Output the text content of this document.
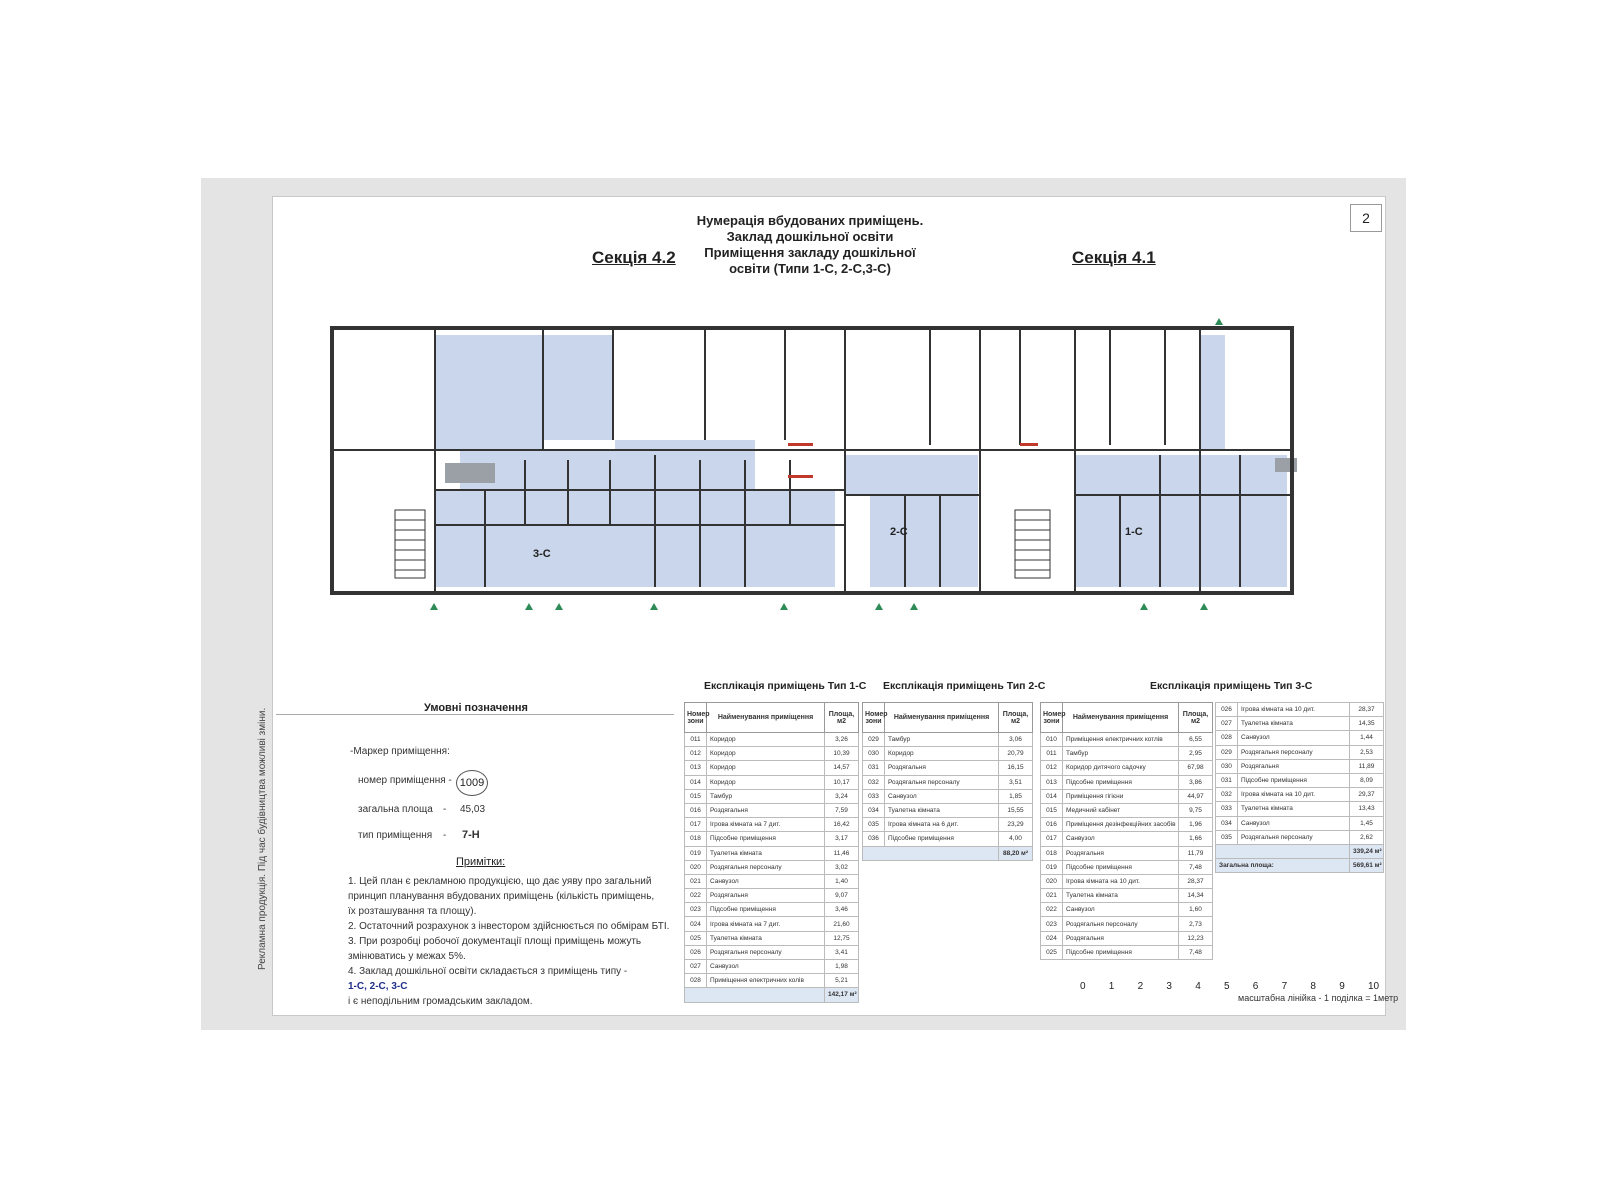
Рекламна продукція. Під час будівництва можливі зміни.
2
Нумерація вбудованих приміщень.
Заклад дошкільної освіти
Приміщення закладу дошкільної
освіти (Типи 1-С, 2-С,3-С)
Секція 4.2	Секція 4.1
3-С
2-С	1-С
Умовні позначення
-Маркер приміщення:
номер приміщення - 1009
загальна площа - 45,03
тип приміщення - 7-Н
Примітки:
1. Цей план є рекламною продукцією, що дає уяву про загальний
принцип планування вбудованих приміщень (кількість приміщень,
їх розташування та площу).
2. Остаточний розрахунок з інвестором здійснюється по обмірам БТІ.
3. При розробці робочої документації площі приміщень можуть
змінюватись у межах 5%.
4. Заклад дошкільної освіти складається з приміщень типу - 1-С, 2-С, 3-С
і є неподільним громадським закладом.
Експлікація приміщень Тип 1-С
Номер зони	Найменування приміщення	Площа, м2
011	Коридор	3,26
012	Коридор	10,39
013	Коридор	14,57
014	Коридор	10,17
015	Тамбур	3,24
016	Роздягальня	7,59
017	Ігрова кімната на 7 дит.	16,42
018	Підсобне приміщення	3,17
019	Туалетна кімната	11,46
020	Роздягальня персоналу	3,02
021	Санвузол	1,40
022	Роздягальня	9,07
023	Підсобне приміщення	3,46
024	Ігрова кімната на 7 дит.	21,60
025	Туалетна кімната	12,75
026	Роздягальня персоналу	3,41
027	Санвузол	1,98
028	Приміщення електричних колів	5,21
		142,17 м²
Експлікація приміщень Тип 2-С
Номер зони	Найменування приміщення	Площа, м2
029	Тамбур	3,06
030	Коридор	20,79
031	Роздягальня	16,15
032	Роздягальня персоналу	3,51
033	Санвузол	1,85
034	Туалетна кімната	15,55
035	Ігрова кімната на 6 дит.	23,29
036	Підсобне приміщення	4,00
		88,20 м²
Експлікація приміщень Тип 3-С
Номер зони	Найменування приміщення	Площа, м2
010	Приміщення електричних котлів	6,55
011	Тамбур	2,95
012	Коридор дитячого садочку	67,98
013	Підсобне приміщення	3,86
014	Приміщення гігієни	44,97
015	Медичний кабінет	9,75
016	Приміщення дезінфекційних засобів	1,96
017	Санвузол	1,66
018	Роздягальня	11,79
019	Підсобне приміщення	7,48
020	Ігрова кімната на 10 дит.	28,37
021	Туалетна кімната	14,34
022	Санвузол	1,60
023	Роздягальня персоналу	2,73
024	Роздягальня	12,23
025	Підсобне приміщення	7,48
026	Ігрова кімната на 10 дит.	28,37
027	Туалетна кімната	14,35
028	Санвузол	1,44
029	Роздягальня персоналу	2,53
030	Роздягальня	11,89
031	Підсобне приміщення	8,09
032	Ігрова кімната на 10 дит.	29,37
033	Туалетна кімната	13,43
034	Санвузол	1,45
035	Роздягальня персоналу	2,62
		339,24 м²
Загальна площа:		569,61 м²
0 1 2 3 4 5 6 7 8 9 10
масштабна лінійка - 1 поділка = 1метр
